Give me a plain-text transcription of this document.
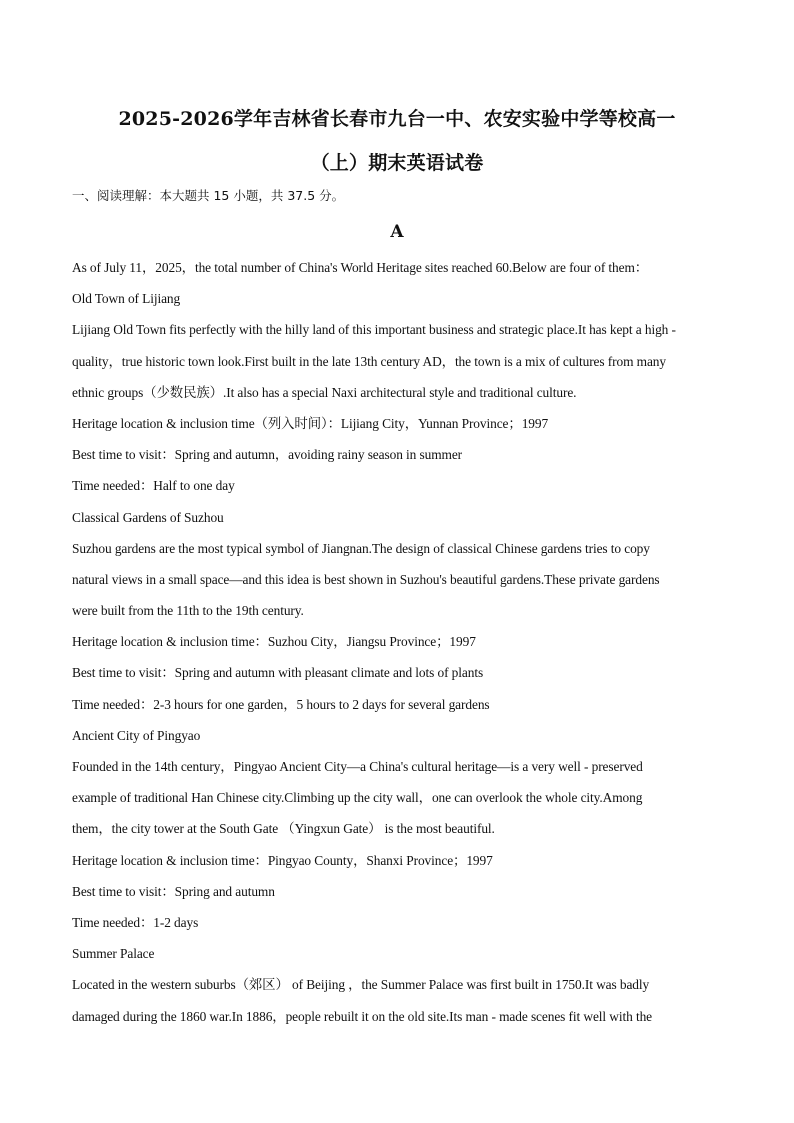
2025-2026学年吉林省长春市九台一中、农安实验中学等校高一
（上）期末英语试卷
一、阅读理解：本大题共 15 小题，共 37.5 分。
A
As of July 11，2025，the total number of China's World Heritage sites reached 60.Below are four of them：
Old Town of Lijiang
Lijiang Old Town fits perfectly with the hilly land of this important business and strategic place.It has kept a high -
quality，true historic town look.First built in the late 13th century AD，the town is a mix of cultures from many
ethnic groups（少数民族）.It also has a special Naxi architectural style and traditional culture.
Heritage location & inclusion time（列入时间）：Lijiang City，Yunnan Province；1997
Best time to visit：Spring and autumn，avoiding rainy season in summer
Time needed：Half to one day
Classical Gardens of Suzhou
Suzhou gardens are the most typical symbol of Jiangnan.The design of classical Chinese gardens tries to copy
natural views in a small space—and this idea is best shown in Suzhou's beautiful gardens.These private gardens
were built from the 11th to the 19th century.
Heritage location & inclusion time：Suzhou City，Jiangsu Province；1997
Best time to visit：Spring and autumn with pleasant climate and lots of plants
Time needed：2-3 hours for one garden，5 hours to 2 days for several gardens
Ancient City of Pingyao
Founded in the 14th century，Pingyao Ancient City—a China's cultural heritage—is a very well - preserved
example of traditional Han Chinese city.Climbing up the city wall，one can overlook the whole city.Among
them，the city tower at the South Gate （Yingxun Gate） is the most beautiful.
Heritage location & inclusion time：Pingyao County，Shanxi Province；1997
Best time to visit：Spring and autumn
Time needed：1-2 days
Summer Palace
Located in the western suburbs（郊区） of Beijing ，the Summer Palace was first built in 1750.It was badly
damaged during the 1860 war.In 1886，people rebuilt it on the old site.Its man - made scenes fit well with the
